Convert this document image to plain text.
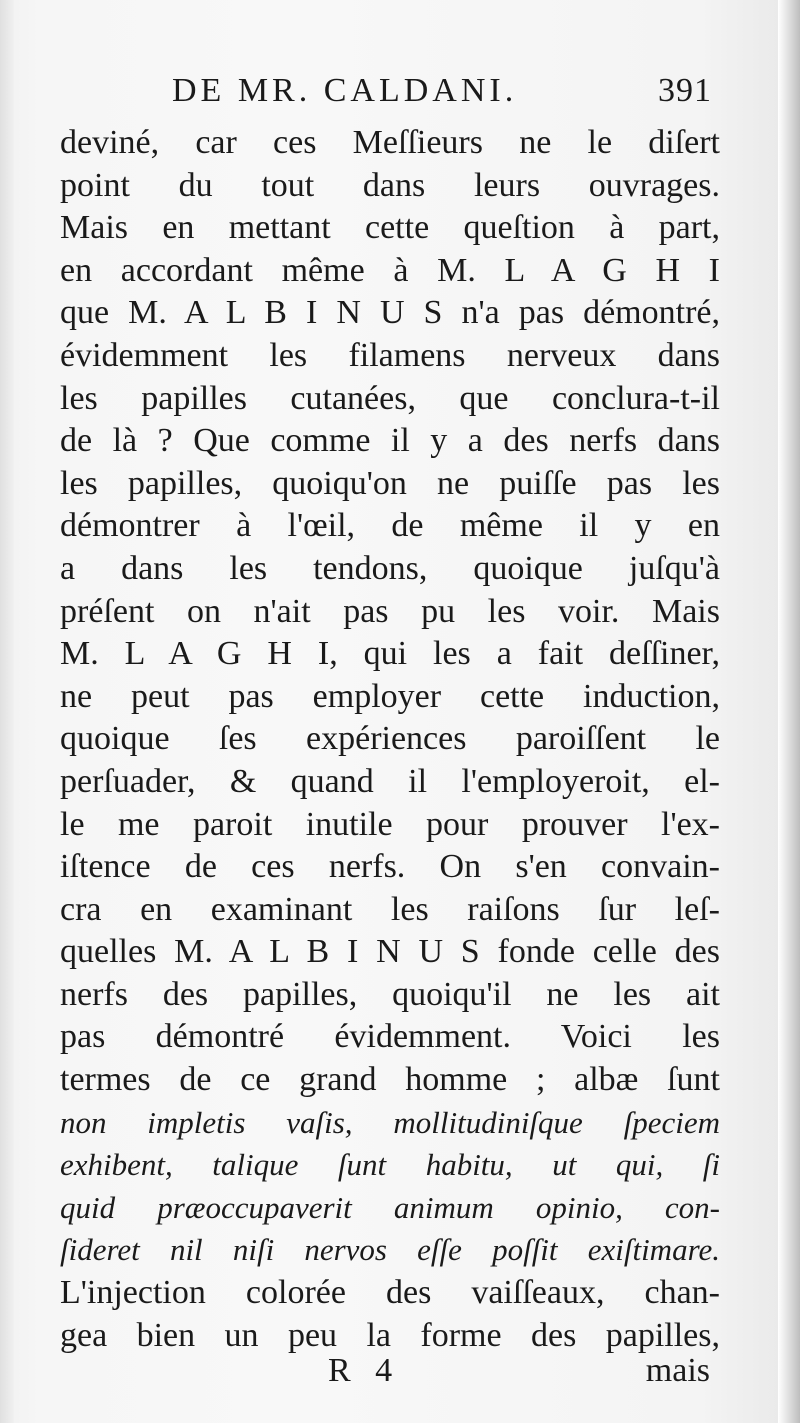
DE MR. CALDANI.	391
deviné, car ces Meſſieurs ne le diſert
point du tout dans leurs ouvrages.
Mais en mettant cette queſtion à part,
en accordant même à M. L A G H I
que M. A L B I N U S n'a pas démontré,
évidemment les filamens nerveux dans
les papilles cutanées, que conclura-t-il
de là ? Que comme il y a des nerfs dans
les papilles, quoiqu'on ne puiſſe pas les
démontrer à l'œil, de même il y en
a dans les tendons, quoique juſqu'à
préſent on n'ait pas pu les voir. Mais
M. L A G H I, qui les a fait deſſiner,
ne peut pas employer cette induction,
quoique ſes expériences paroiſſent le
perſuader, & quand il l'employeroit, el-
le me paroit inutile pour prouver l'ex-
iſtence de ces nerfs. On s'en convain-
cra en examinant les raiſons ſur leſ-
quelles M. A L B I N U S fonde celle des
nerfs des papilles, quoiqu'il ne les ait
pas démontré évidemment. Voici les
termes de ce grand homme ; albæ ſunt
non impletis vaſis, mollitudiniſque ſpeciem
exhibent, talique ſunt habitu, ut qui, ſi
quid præoccupaverit animum opinio, con-
ſideret nil niſi nervos eſſe poſſit exiſtimare.
L'injection colorée des vaiſſeaux, chan-
gea bien un peu la forme des papilles,
R 4	mais
